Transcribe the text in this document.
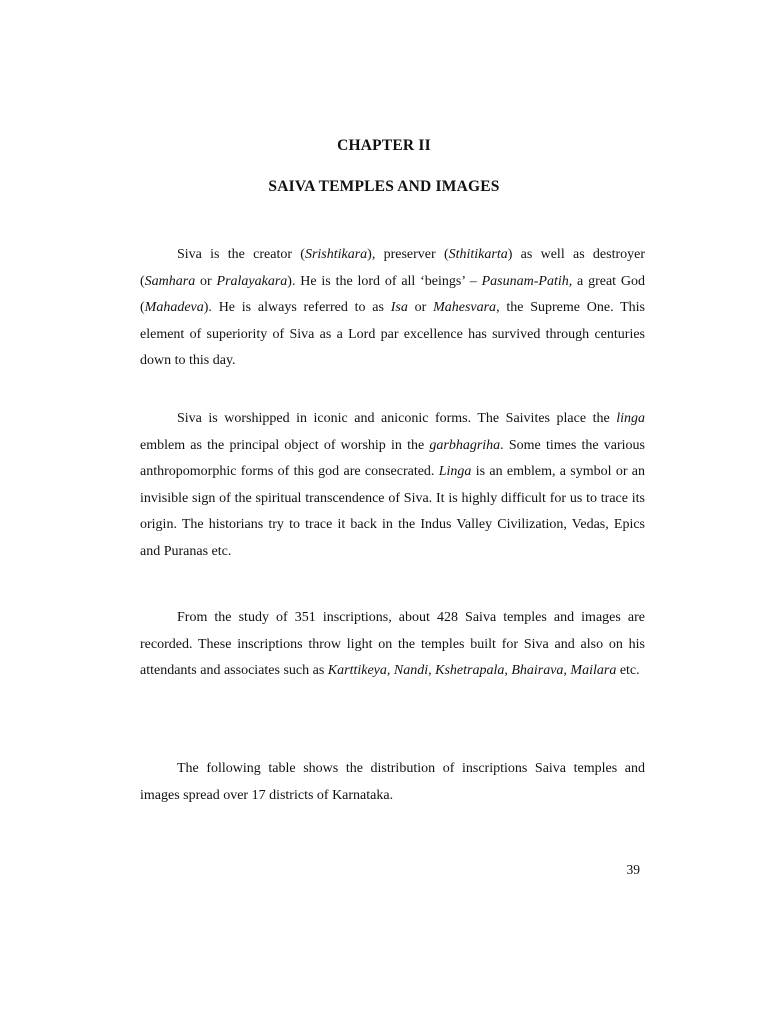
CHAPTER II
SAIVA TEMPLES AND IMAGES

Siva is the creator (Srishtikara), preserver (Sthitikarta) as well as destroyer (Samhara or Pralayakara). He is the lord of all ‘beings’ – Pasunam-Patih, a great God (Mahadeva). He is always referred to as Isa or Mahesvara, the Supreme One. This element of superiority of Siva as a Lord par excellence has survived through centuries down to this day.

Siva is worshipped in iconic and aniconic forms. The Saivites place the linga emblem as the principal object of worship in the garbhagriha. Some times the various anthropomorphic forms of this god are consecrated. Linga is an emblem, a symbol or an invisible sign of the spiritual transcendence of Siva. It is highly difficult for us to trace its origin. The historians try to trace it back in the Indus Valley Civilization, Vedas, Epics and Puranas etc.

From the study of 351 inscriptions, about 428 Saiva temples and images are recorded. These inscriptions throw light on the temples built for Siva and also on his attendants and associates such as Karttikeya, Nandi, Kshetrapala, Bhairava, Mailara etc.

The following table shows the distribution of inscriptions Saiva temples and images spread over 17 districts of Karnataka.

39
